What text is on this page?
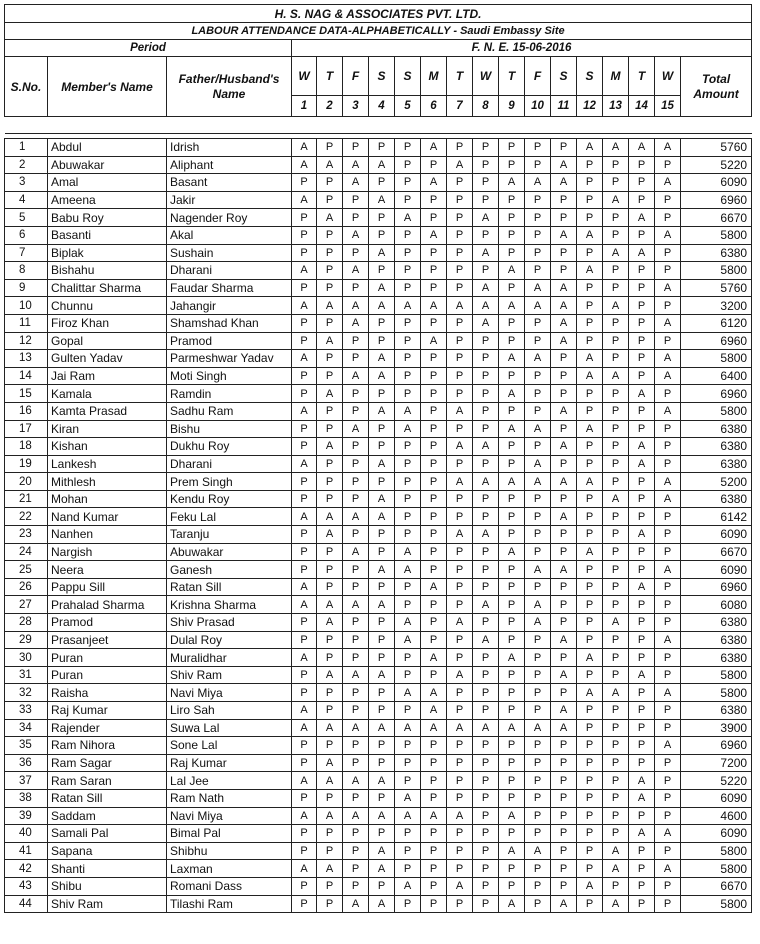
H. S. NAG & ASSOCIATES PVT. LTD.																		
LABOUR ATTENDANCE DATA-ALPHABETICALLY - Saudi Embassy Site																		
Period			F. N. E. 15-06-2016															
S.No.	Member's Name	Father/Husband's Name	W	T	F	S	S	M	T	W	T	F	S	S	M	T	W	Total Amount
			1	2	3	4	5	6	7	8	9	10	11	12	13	14	15	

1	Abdul	Idrish	A	P	P	P	P	A	P	P	P	P	P	A	A	A	A	5760
2	Abuwakar	Aliphant	A	A	A	A	P	P	A	P	P	P	A	P	P	P	P	5220
3	Amal	Basant	P	P	A	P	P	A	P	P	A	A	A	P	P	P	A	6090
4	Ameena	Jakir	A	P	P	A	P	P	P	P	P	P	P	P	A	P	P	6960
5	Babu Roy	Nagender Roy	P	A	P	P	A	P	P	A	P	P	P	P	P	A	P	6670
6	Basanti	Akal	P	P	A	P	P	A	P	P	P	P	A	A	P	P	A	5800
7	Biplak	Sushain	P	P	P	A	P	P	P	A	P	P	P	P	A	A	P	6380
8	Bishahu	Dharani	A	P	A	P	P	P	P	P	A	P	P	A	P	P	P	5800
9	Chalittar Sharma	Faudar Sharma	P	P	P	A	P	P	P	A	P	A	A	P	P	P	A	5760
10	Chunnu	Jahangir	A	A	A	A	A	A	A	A	A	A	A	P	A	P	P	3200
11	Firoz Khan	Shamshad Khan	P	P	A	P	P	P	P	A	P	P	A	P	P	P	A	6120
12	Gopal	Pramod	P	A	P	P	P	A	P	P	P	P	A	P	P	P	P	6960
13	Gulten Yadav	Parmeshwar Yadav	A	P	P	A	P	P	P	P	A	A	P	A	P	P	A	5800
14	Jai Ram	Moti Singh	P	P	A	A	P	P	P	P	P	P	P	A	A	P	A	6400
15	Kamala	Ramdin	P	A	P	P	P	P	P	P	A	P	P	P	P	A	P	6960
16	Kamta Prasad	Sadhu Ram	A	P	P	A	A	P	A	P	P	P	A	P	P	P	A	5800
17	Kiran	Bishu	P	P	A	P	A	P	P	P	A	A	P	A	P	P	P	6380
18	Kishan	Dukhu Roy	P	A	P	P	P	P	A	A	P	P	A	P	P	A	P	6380
19	Lankesh	Dharani	A	P	P	A	P	P	P	P	P	A	P	P	P	A	P	6380
20	Mithlesh	Prem Singh	P	P	P	P	P	P	A	A	A	A	A	A	P	P	A	5200
21	Mohan	Kendu Roy	P	P	P	A	P	P	P	P	P	P	P	P	A	P	A	6380
22	Nand Kumar	Feku Lal	A	A	A	A	P	P	P	P	P	P	A	P	P	P	P	6142
23	Nanhen	Taranju	P	A	P	P	P	P	A	A	P	P	P	P	P	A	P	6090
24	Nargish	Abuwakar	P	P	A	P	A	P	P	P	A	P	P	A	P	P	P	6670
25	Neera	Ganesh	P	P	P	A	A	P	P	P	P	A	A	P	P	P	A	6090
26	Pappu Sill	Ratan Sill	A	P	P	P	P	A	P	P	P	P	P	P	P	A	P	6960
27	Prahalad Sharma	Krishna Sharma	A	A	A	A	P	P	P	A	P	A	P	P	P	P	P	6080
28	Pramod	Shiv Prasad	P	A	P	P	A	P	A	P	P	A	P	P	A	P	P	6380
29	Prasanjeet	Dulal Roy	P	P	P	P	A	P	P	A	P	P	A	P	P	P	A	6380
30	Puran	Muralidhar	A	P	P	P	P	A	P	P	A	P	P	A	P	P	P	6380
31	Puran	Shiv Ram	P	A	A	A	P	P	A	P	P	P	A	P	P	A	P	5800
32	Raisha	Navi Miya	P	P	P	P	A	A	P	P	P	P	P	A	A	P	A	5800
33	Raj Kumar	Liro Sah	A	P	P	P	P	A	P	P	P	P	A	P	P	P	P	6380
34	Rajender	Suwa Lal	A	A	A	A	A	A	A	A	A	A	A	P	P	P	P	3900
35	Ram Nihora	Sone Lal	P	P	P	P	P	P	P	P	P	P	P	P	P	P	A	6960
36	Ram Sagar	Raj Kumar	P	A	P	P	P	P	P	P	P	P	P	P	P	P	P	7200
37	Ram Saran	Lal Jee	A	A	A	A	P	P	P	P	P	P	P	P	P	A	P	5220
38	Ratan Sill	Ram Nath	P	P	P	P	A	P	P	P	P	P	P	P	P	A	P	6090
39	Saddam	Navi Miya	A	A	A	A	A	A	A	P	A	P	P	P	P	P	P	4600
40	Samali Pal	Bimal Pal	P	P	P	P	P	P	P	P	P	P	P	P	P	A	A	6090
41	Sapana	Shibhu	P	P	P	A	P	P	P	P	A	A	P	P	A	P	P	5800
42	Shanti	Laxman	A	A	P	A	P	P	P	P	P	P	P	P	A	P	A	5800
43	Shibu	Romani Dass	P	P	P	P	A	P	A	P	P	P	P	A	P	P	P	6670
44	Shiv Ram	Tilashi Ram	P	P	A	A	P	P	P	P	A	P	A	P	A	P	P	5800
